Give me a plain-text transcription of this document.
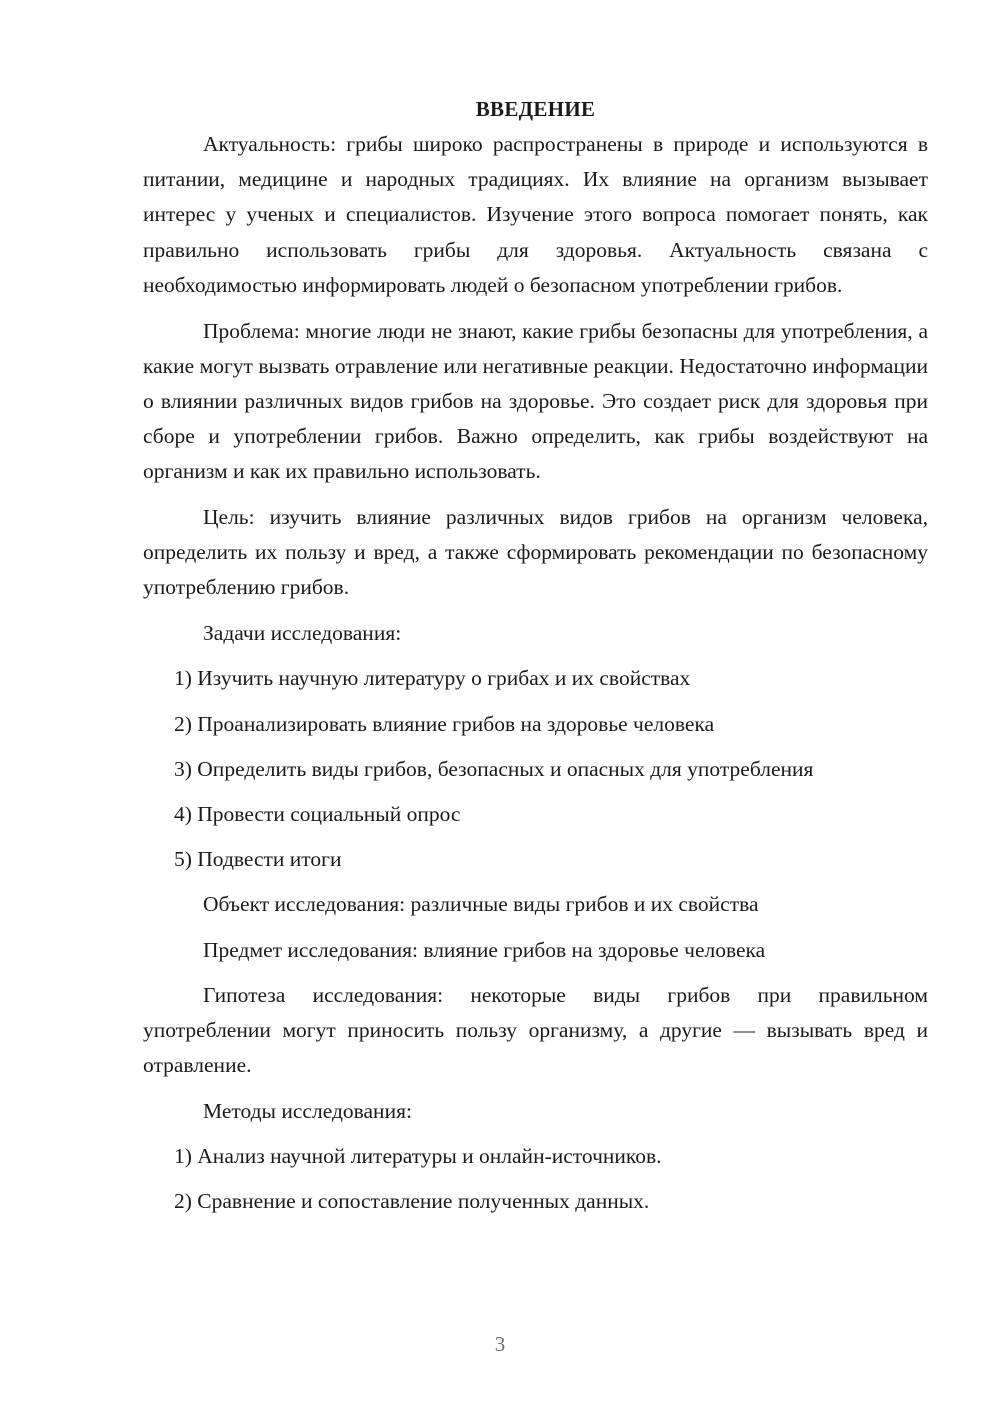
ВВЕДЕНИЕ

Актуальность: грибы широко распространены в природе и используются в питании, медицине и народных традициях. Их влияние на организм вызывает интерес у ученых и специалистов. Изучение этого вопроса помогает понять, как правильно использовать грибы для здоровья. Актуальность связана с необходимостью информировать людей о безопасном употреблении грибов.

Проблема: многие люди не знают, какие грибы безопасны для употребления, а какие могут вызвать отравление или негативные реакции. Недостаточно информации о влиянии различных видов грибов на здоровье. Это создает риск для здоровья при сборе и употреблении грибов. Важно определить, как грибы воздействуют на организм и как их правильно использовать.

Цель: изучить влияние различных видов грибов на организм человека, определить их пользу и вред, а также сформировать рекомендации по безопасному употреблению грибов.

Задачи исследования:
1) Изучить научную литературу о грибах и их свойствах
2) Проанализировать влияние грибов на здоровье человека
3) Определить виды грибов, безопасных и опасных для употребления
4) Провести социальный опрос
5) Подвести итоги
Объект исследования: различные виды грибов и их свойства
Предмет исследования: влияние грибов на здоровье человека

Гипотеза исследования: некоторые виды грибов при правильном употреблении могут приносить пользу организму, а другие — вызывать вред и отравление.

Методы исследования:
1) Анализ научной литературы и онлайн-источников.
2) Сравнение и сопоставление полученных данных.
3
